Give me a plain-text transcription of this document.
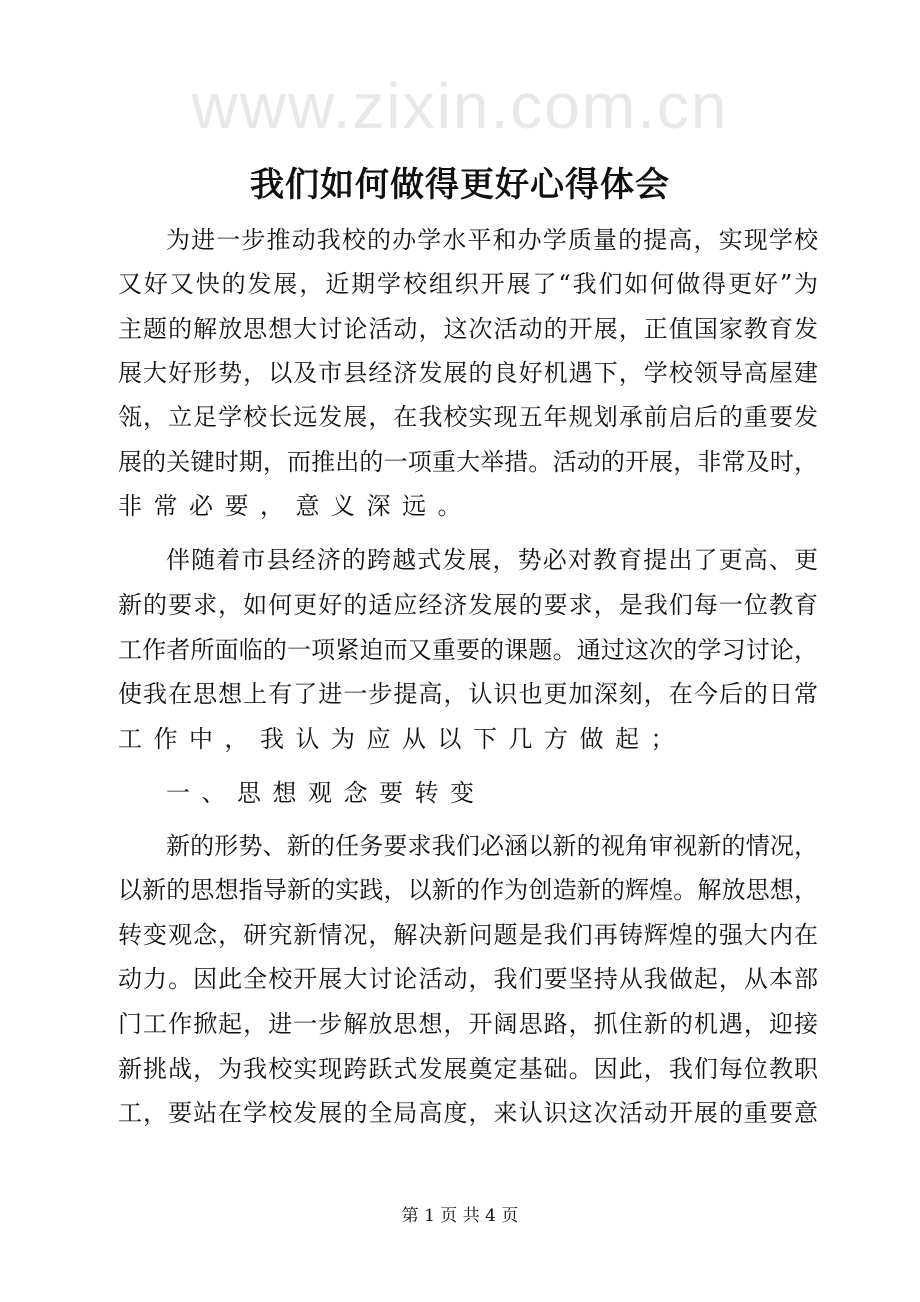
www.zixin.com.cn
我们如何做得更好心得体会
为进一步推动我校的办学水平和办学质量的提高，实现学校
又好又快的发展，近期学校组织开展了“我们如何做得更好”为
主题的解放思想大讨论活动，这次活动的开展，正值国家教育发
展大好形势，以及市县经济发展的良好机遇下，学校领导高屋建
瓴，立足学校长远发展，在我校实现五年规划承前启后的重要发
展的关键时期，而推出的一项重大举措。活动的开展，非常及时，
非常必要，意义深远。
伴随着市县经济的跨越式发展，势必对教育提出了更高、更
新的要求，如何更好的适应经济发展的要求，是我们每一位教育
工作者所面临的一项紧迫而又重要的课题。通过这次的学习讨论，
使我在思想上有了进一步提高，认识也更加深刻，在今后的日常
工作中，我认为应从以下几方做起；
一、思想观念要转变
新的形势、新的任务要求我们必涵以新的视角审视新的情况，
以新的思想指导新的实践，以新的作为创造新的辉煌。解放思想，
转变观念，研究新情况，解决新问题是我们再铸辉煌的强大内在
动力。因此全校开展大讨论活动，我们要坚持从我做起，从本部
门工作掀起，进一步解放思想，开阔思路，抓住新的机遇，迎接
新挑战，为我校实现跨跃式发展奠定基础。因此，我们每位教职
工，要站在学校发展的全局高度，来认识这次活动开展的重要意
第 1 页 共 4 页
